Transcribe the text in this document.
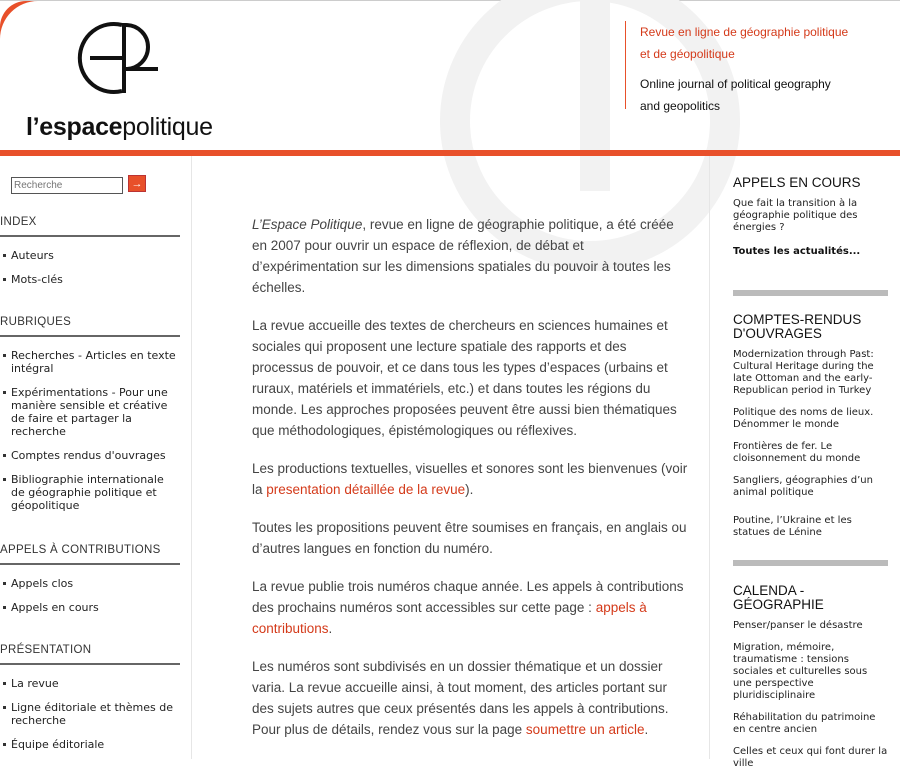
l’espacepolitique
Revue en ligne de géographie politique
et de géopolitique
Online journal of political geography
and geopolitics
Recherche
→
INDEX
Auteurs
Mots-clés
RUBRIQUES
Recherches - Articles en texte intégral
Expérimentations - Pour une manière sensible et créative de faire et partager la recherche
Comptes rendus d'ouvrages
Bibliographie internationale de géographie politique et géopolitique
APPELS À CONTRIBUTIONS
Appels clos
Appels en cours
PRÉSENTATION
La revue
Ligne éditoriale et thèmes de recherche
Équipe éditoriale

L’Espace Politique, revue en ligne de géographie politique, a été créée en 2007 pour ouvrir un espace de réflexion, de débat et d’expérimentation sur les dimensions spatiales du pouvoir à toutes les échelles.

La revue accueille des textes de chercheurs en sciences humaines et sociales qui proposent une lecture spatiale des rapports et des processus de pouvoir, et ce dans tous les types d’espaces (urbains et ruraux, matériels et immatériels, etc.) et dans toutes les régions du monde. Les approches proposées peuvent être aussi bien thématiques que méthodologiques, épistémologiques ou réflexives.

Les productions textuelles, visuelles et sonores sont les bienvenues (voir la presentation détaillée de la revue).

Toutes les propositions peuvent être soumises en français, en anglais ou d’autres langues en fonction du numéro.

La revue publie trois numéros chaque année. Les appels à contributions des prochains numéros sont accessibles sur cette page : appels à contributions.

Les numéros sont subdivisés en un dossier thématique et un dossier varia. La revue accueille ainsi, à tout moment, des articles portant sur des sujets autres que ceux présentés dans les appels à contributions. Pour plus de détails, rendez vous sur la page soumettre un article.

APPELS EN COURS
Que fait la transition à la géographie politique des énergies ?
Toutes les actualités...
COMPTES-RENDUS D'OUVRAGES
Modernization through Past: Cultural Heritage during the late Ottoman and the early-Republican period in Turkey
Politique des noms de lieux. Dénommer le monde
Frontières de fer. Le cloisonnement du monde
Sangliers, géographies d’un animal politique
Poutine, l’Ukraine et les statues de Lénine
CALENDA - GÉOGRAPHIE
Penser/panser le désastre
Migration, mémoire, traumatisme : tensions sociales et culturelles sous une perspective pluridisciplinaire
Réhabilitation du patrimoine en centre ancien
Celles et ceux qui font durer la ville
